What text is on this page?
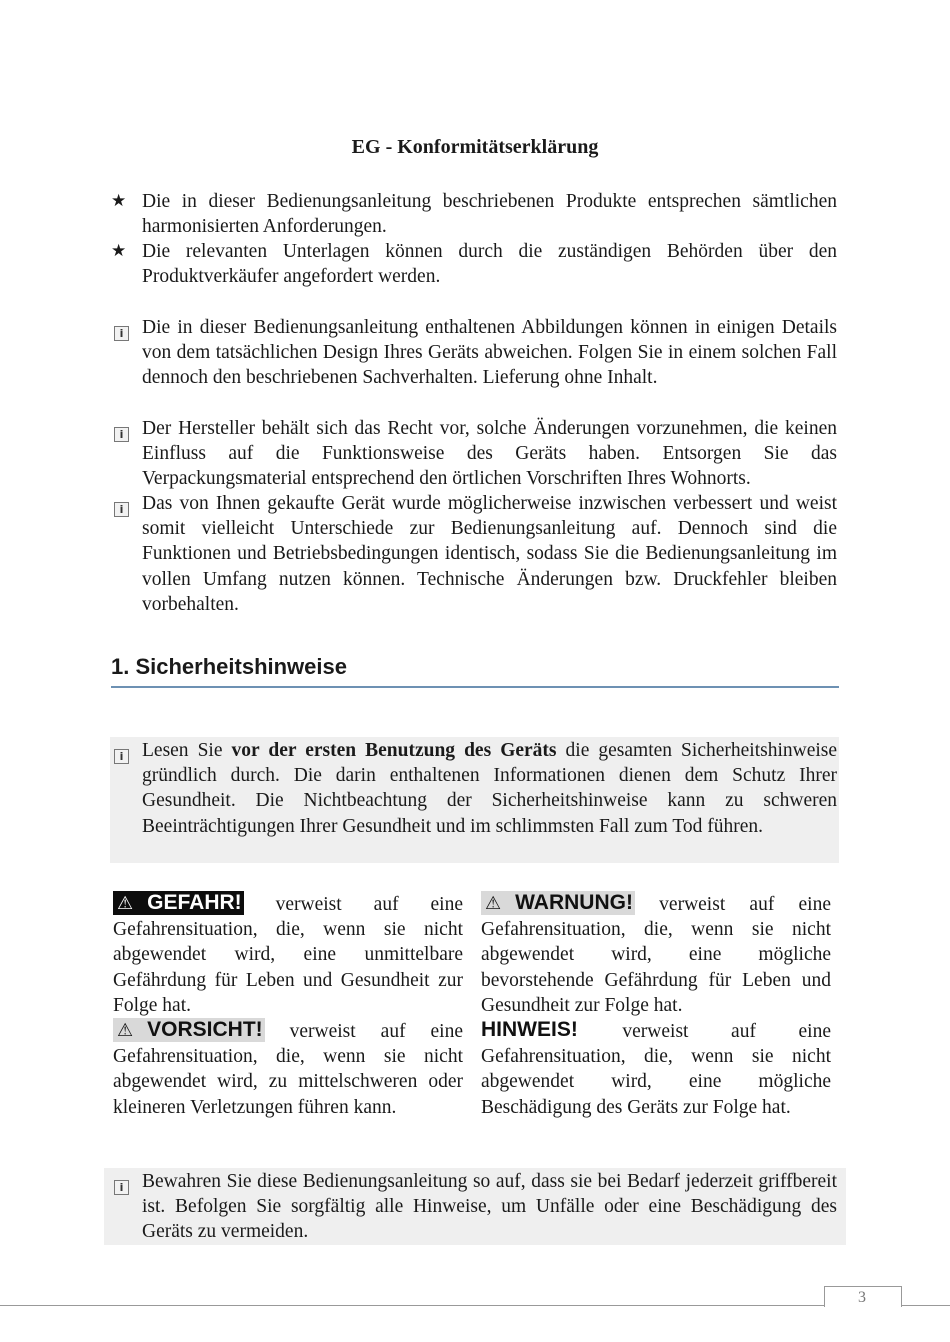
EG - Konformitätserklärung
★ Die in dieser Bedienungsanleitung beschriebenen Produkte entsprechen sämtlichen harmonisierten Anforderungen.
★ Die relevanten Unterlagen können durch die zuständigen Behörden über den Produktverkäufer angefordert werden.
i Die in dieser Bedienungsanleitung enthaltenen Abbildungen können in einigen Details von dem tatsächlichen Design Ihres Geräts abweichen. Folgen Sie in einem solchen Fall dennoch den beschriebenen Sachverhalten. Lieferung ohne Inhalt.
i Der Hersteller behält sich das Recht vor, solche Änderungen vorzunehmen, die keinen Einfluss auf die Funktionsweise des Geräts haben. Entsorgen Sie das Verpackungsmaterial entsprechend den örtlichen Vorschriften Ihres Wohnorts.
i Das von Ihnen gekaufte Gerät wurde möglicherweise inzwischen verbessert und weist somit vielleicht Unterschiede zur Bedienungsanleitung auf. Dennoch sind die Funktionen und Betriebsbedingungen identisch, sodass Sie die Bedienungsanleitung im vollen Umfang nutzen können. Technische Änderungen bzw. Druckfehler bleiben vorbehalten.
1. Sicherheitshinweise
i Lesen Sie vor der ersten Benutzung des Geräts die gesamten Sicherheitshinweise gründlich durch. Die darin enthaltenen Informationen dienen dem Schutz Ihrer Gesundheit. Die Nichtbeachtung der Sicherheitshinweise kann zu schweren Beeinträchtigungen Ihrer Gesundheit und im schlimmsten Fall zum Tod führen.
⚠ GEFAHR! verweist auf eine Gefahrensituation, die, wenn sie nicht abgewendet wird, eine unmittelbare Gefährdung für Leben und Gesundheit zur Folge hat.
⚠ WARNUNG! verweist auf eine Gefahrensituation, die, wenn sie nicht abgewendet wird, eine mögliche bevorstehende Gefährdung für Leben und Gesundheit zur Folge hat.
⚠ VORSICHT! verweist auf eine Gefahrensituation, die, wenn sie nicht abgewendet wird, zu mittelschweren oder kleineren Verletzungen führen kann.
HINWEIS! verweist auf eine Gefahrensituation, die, wenn sie nicht abgewendet wird, eine mögliche Beschädigung des Geräts zur Folge hat.
i Bewahren Sie diese Bedienungsanleitung so auf, dass sie bei Bedarf jederzeit griffbereit ist. Befolgen Sie sorgfältig alle Hinweise, um Unfälle oder eine Beschädigung des Geräts zu vermeiden.
3
